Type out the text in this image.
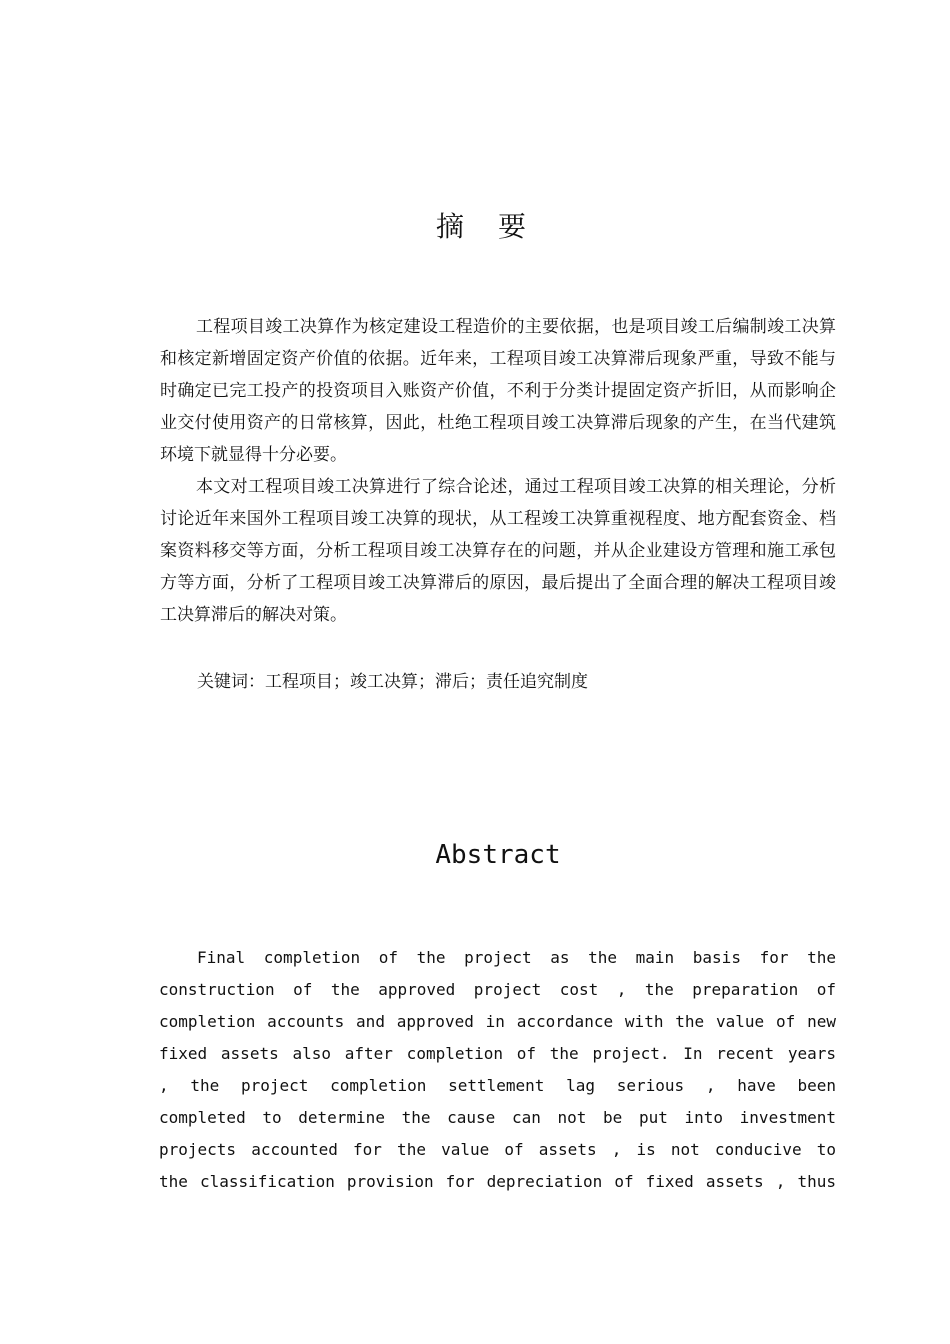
摘要

工程项目竣工决算作为核定建设工程造价的主要依据，也是项目竣工后编制竣工决算和核定新增固定资产价值的依据。近年来，工程项目竣工决算滞后现象严重，导致不能与时确定已完工投产的投资项目入账资产价值，不利于分类计提固定资产折旧，从而影响企业交付使用资产的日常核算，因此，杜绝工程项目竣工决算滞后现象的产生，在当代建筑环境下就显得十分必要。

本文对工程项目竣工决算进行了综合论述，通过工程项目竣工决算的相关理论，分析讨论近年来国外工程项目竣工决算的现状，从工程竣工决算重视程度、地方配套资金、档案资料移交等方面，分析工程项目竣工决算存在的问题，并从企业建设方管理和施工承包方等方面，分析了工程项目竣工决算滞后的原因，最后提出了全面合理的解决工程项目竣工决算滞后的解决对策。

关键词：工程项目；竣工决算；滞后；责任追究制度

Abstract

Final completion of the project as the main basis for the construction of the approved project cost , the preparation of completion accounts and approved in accordance with the value of new fixed assets also after completion of the project. In recent years , the project completion settlement lag serious , have been completed to determine the cause can not be put into investment projects accounted for the value of assets , is not conducive to the classification provision for depreciation of fixed assets , thus
